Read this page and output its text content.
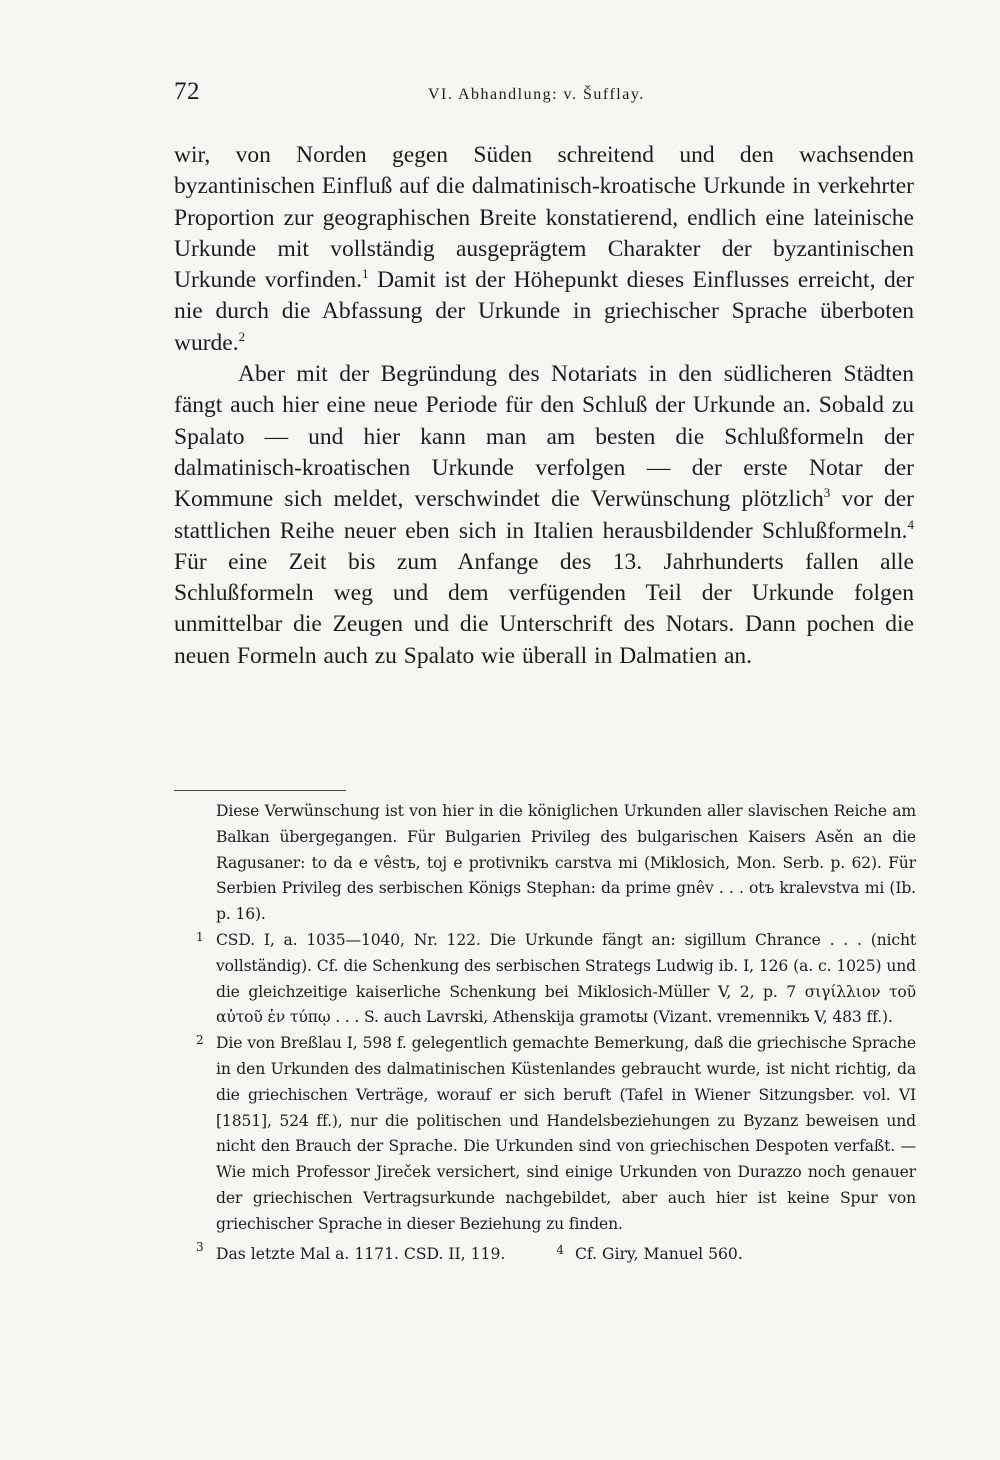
72	VI. Abhandlung: v. Šufflay.

wir, von Norden gegen Süden schreitend und den wachsenden byzantinischen Einfluß auf die dalmatinisch-kroatische Urkunde in verkehrter Proportion zur geographischen Breite konstatierend, endlich eine lateinische Urkunde mit vollständig ausgeprägtem Charakter der byzantinischen Urkunde vorfinden.$^1$ Damit ist der Höhepunkt dieses Einflusses erreicht, der nie durch die Abfassung der Urkunde in griechischer Sprache überboten wurde.$^2$

Aber mit der Begründung des Notariats in den südlicheren Städten fängt auch hier eine neue Periode für den Schluß der Urkunde an. Sobald zu Spalato — und hier kann man am besten die Schlußformeln der dalmatinisch-kroatischen Urkunde verfolgen — der erste Notar der Kommune sich meldet, verschwindet die Verwünschung plötzlich$^3$ vor der stattlichen Reihe neuer eben sich in Italien herausbildender Schlußformeln.$^4$ Für eine Zeit bis zum Anfange des 13. Jahrhunderts fallen alle Schlußformeln weg und dem verfügenden Teil der Urkunde folgen unmittelbar die Zeugen und die Unterschrift des Notars. Dann pochen die neuen Formeln auch zu Spalato wie überall in Dalmatien an.

Diese Verwünschung ist von hier in die königlichen Urkunden aller slavischen Reiche am Balkan übergegangen. Für Bulgarien Privileg des bulgarischen Kaisers Asěn an die Ragusaner: to da e vêstъ, toj e protivnikъ carstva mi (Miklosich, Mon. Serb. p. 62). Für Serbien Privileg des serbischen Königs Stephan: da prime gnêv . . . otъ kralevstva mi (Ib. p. 16).
1 CSD. I, a. 1035—1040, Nr. 122. Die Urkunde fängt an: sigillum Chrance . . . (nicht vollständig). Cf. die Schenkung des serbischen Strategs Ludwig ib. I, 126 (a. c. 1025) und die gleichzeitige kaiserliche Schenkung bei Miklosich-Müller V, 2, p. 7 σιγίλλιον τοῦ αὐτοῦ ἐν τύπῳ . . . S. auch Lavrski, Athenskija gramotы (Vizant. vremennikъ V, 483 ff.).
2 Die von Breßlau I, 598 f. gelegentlich gemachte Bemerkung, daß die griechische Sprache in den Urkunden des dalmatinischen Küstenlandes gebraucht wurde, ist nicht richtig, da die griechischen Verträge, worauf er sich beruft (Tafel in Wiener Sitzungsber. vol. VI [1851], 524 ff.), nur die politischen und Handelsbeziehungen zu Byzanz beweisen und nicht den Brauch der Sprache. Die Urkunden sind von griechischen Despoten verfaßt. — Wie mich Professor Jireček versichert, sind einige Urkunden von Durazzo noch genauer der griechischen Vertragsurkunde nachgebildet, aber auch hier ist keine Spur von griechischer Sprache in dieser Beziehung zu finden.
3 Das letzte Mal a. 1171. CSD. II, 119.	$^4$ Cf. Giry, Manuel 560.
